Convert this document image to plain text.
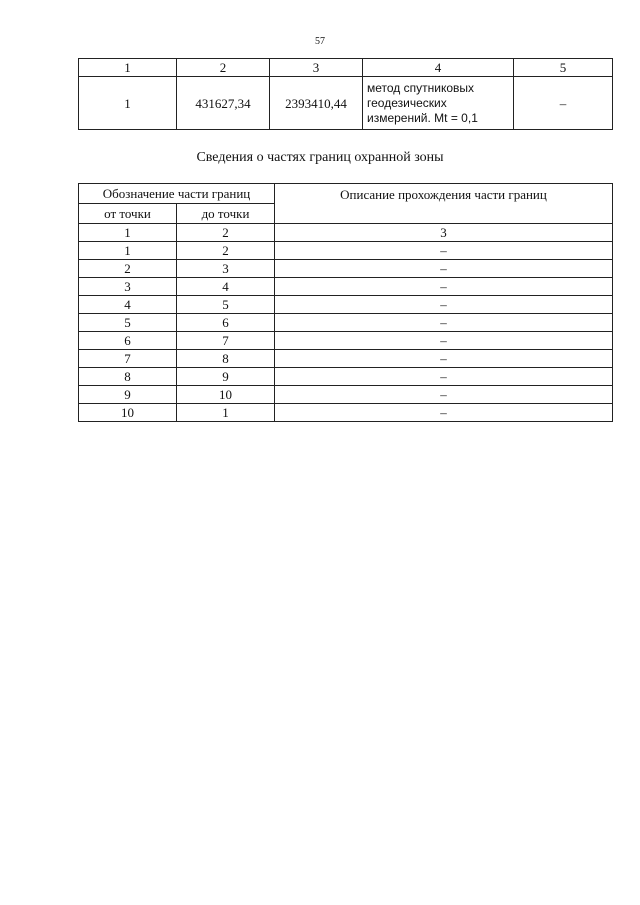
57
1	2	3	4	5
1	431627,34	2393410,44	метод спутниковых
геодезических
измерений. Mt = 0,1	–
Сведения о частях границ охранной зоны
Обозначение части границ		Описание прохождения части границ
от точки	до точки	
1	2	3
1	2	–
2	3	–
3	4	–
4	5	–
5	6	–
6	7	–
7	8	–
8	9	–
9	10	–
10	1	–
